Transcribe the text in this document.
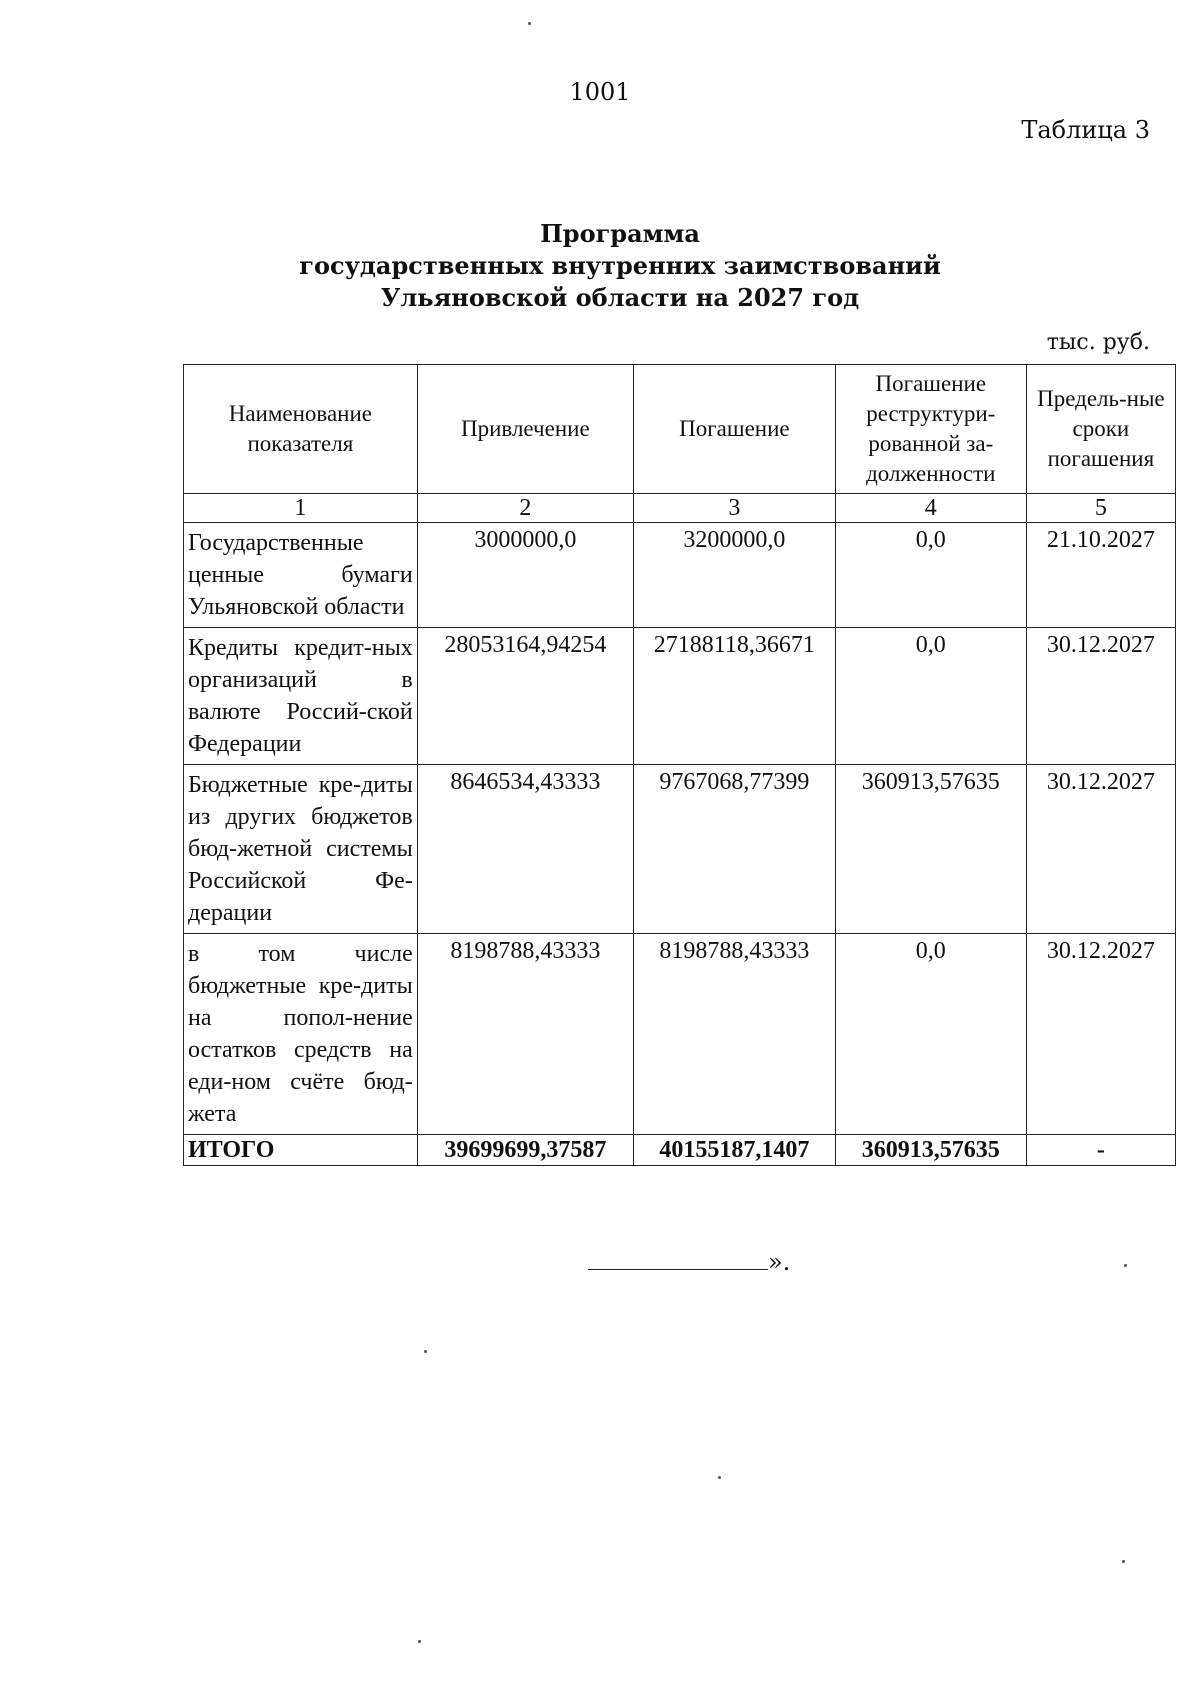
1001
Таблица 3
Программа
государственных внутренних заимствований
Ульяновской области на 2027 год
тыс. руб.
Наименование показателя	Привлечение	Погашение	Погашение реструктури-рованной за-долженности	Предель-ные сроки погашения
1	2	3	4	5
Государственные ценные бумаги Ульяновской области	3000000,0	3200000,0	0,0	21.10.2027
Кредиты кредит-ных организаций в валюте Россий-ской Федерации	28053164,94254	27188118,36671	0,0	30.12.2027
Бюджетные кре-диты из других бюджетов бюд-жетной системы Российской Фе-дерации	8646534,43333	9767068,77399	360913,57635	30.12.2027
в том числе бюджетные кре-диты на попол-нение остатков средств на еди-ном счёте бюд-жета	8198788,43333	8198788,43333	0,0	30.12.2027
ИТОГО	39699699,37587	40155187,1407	360913,57635	-
».
